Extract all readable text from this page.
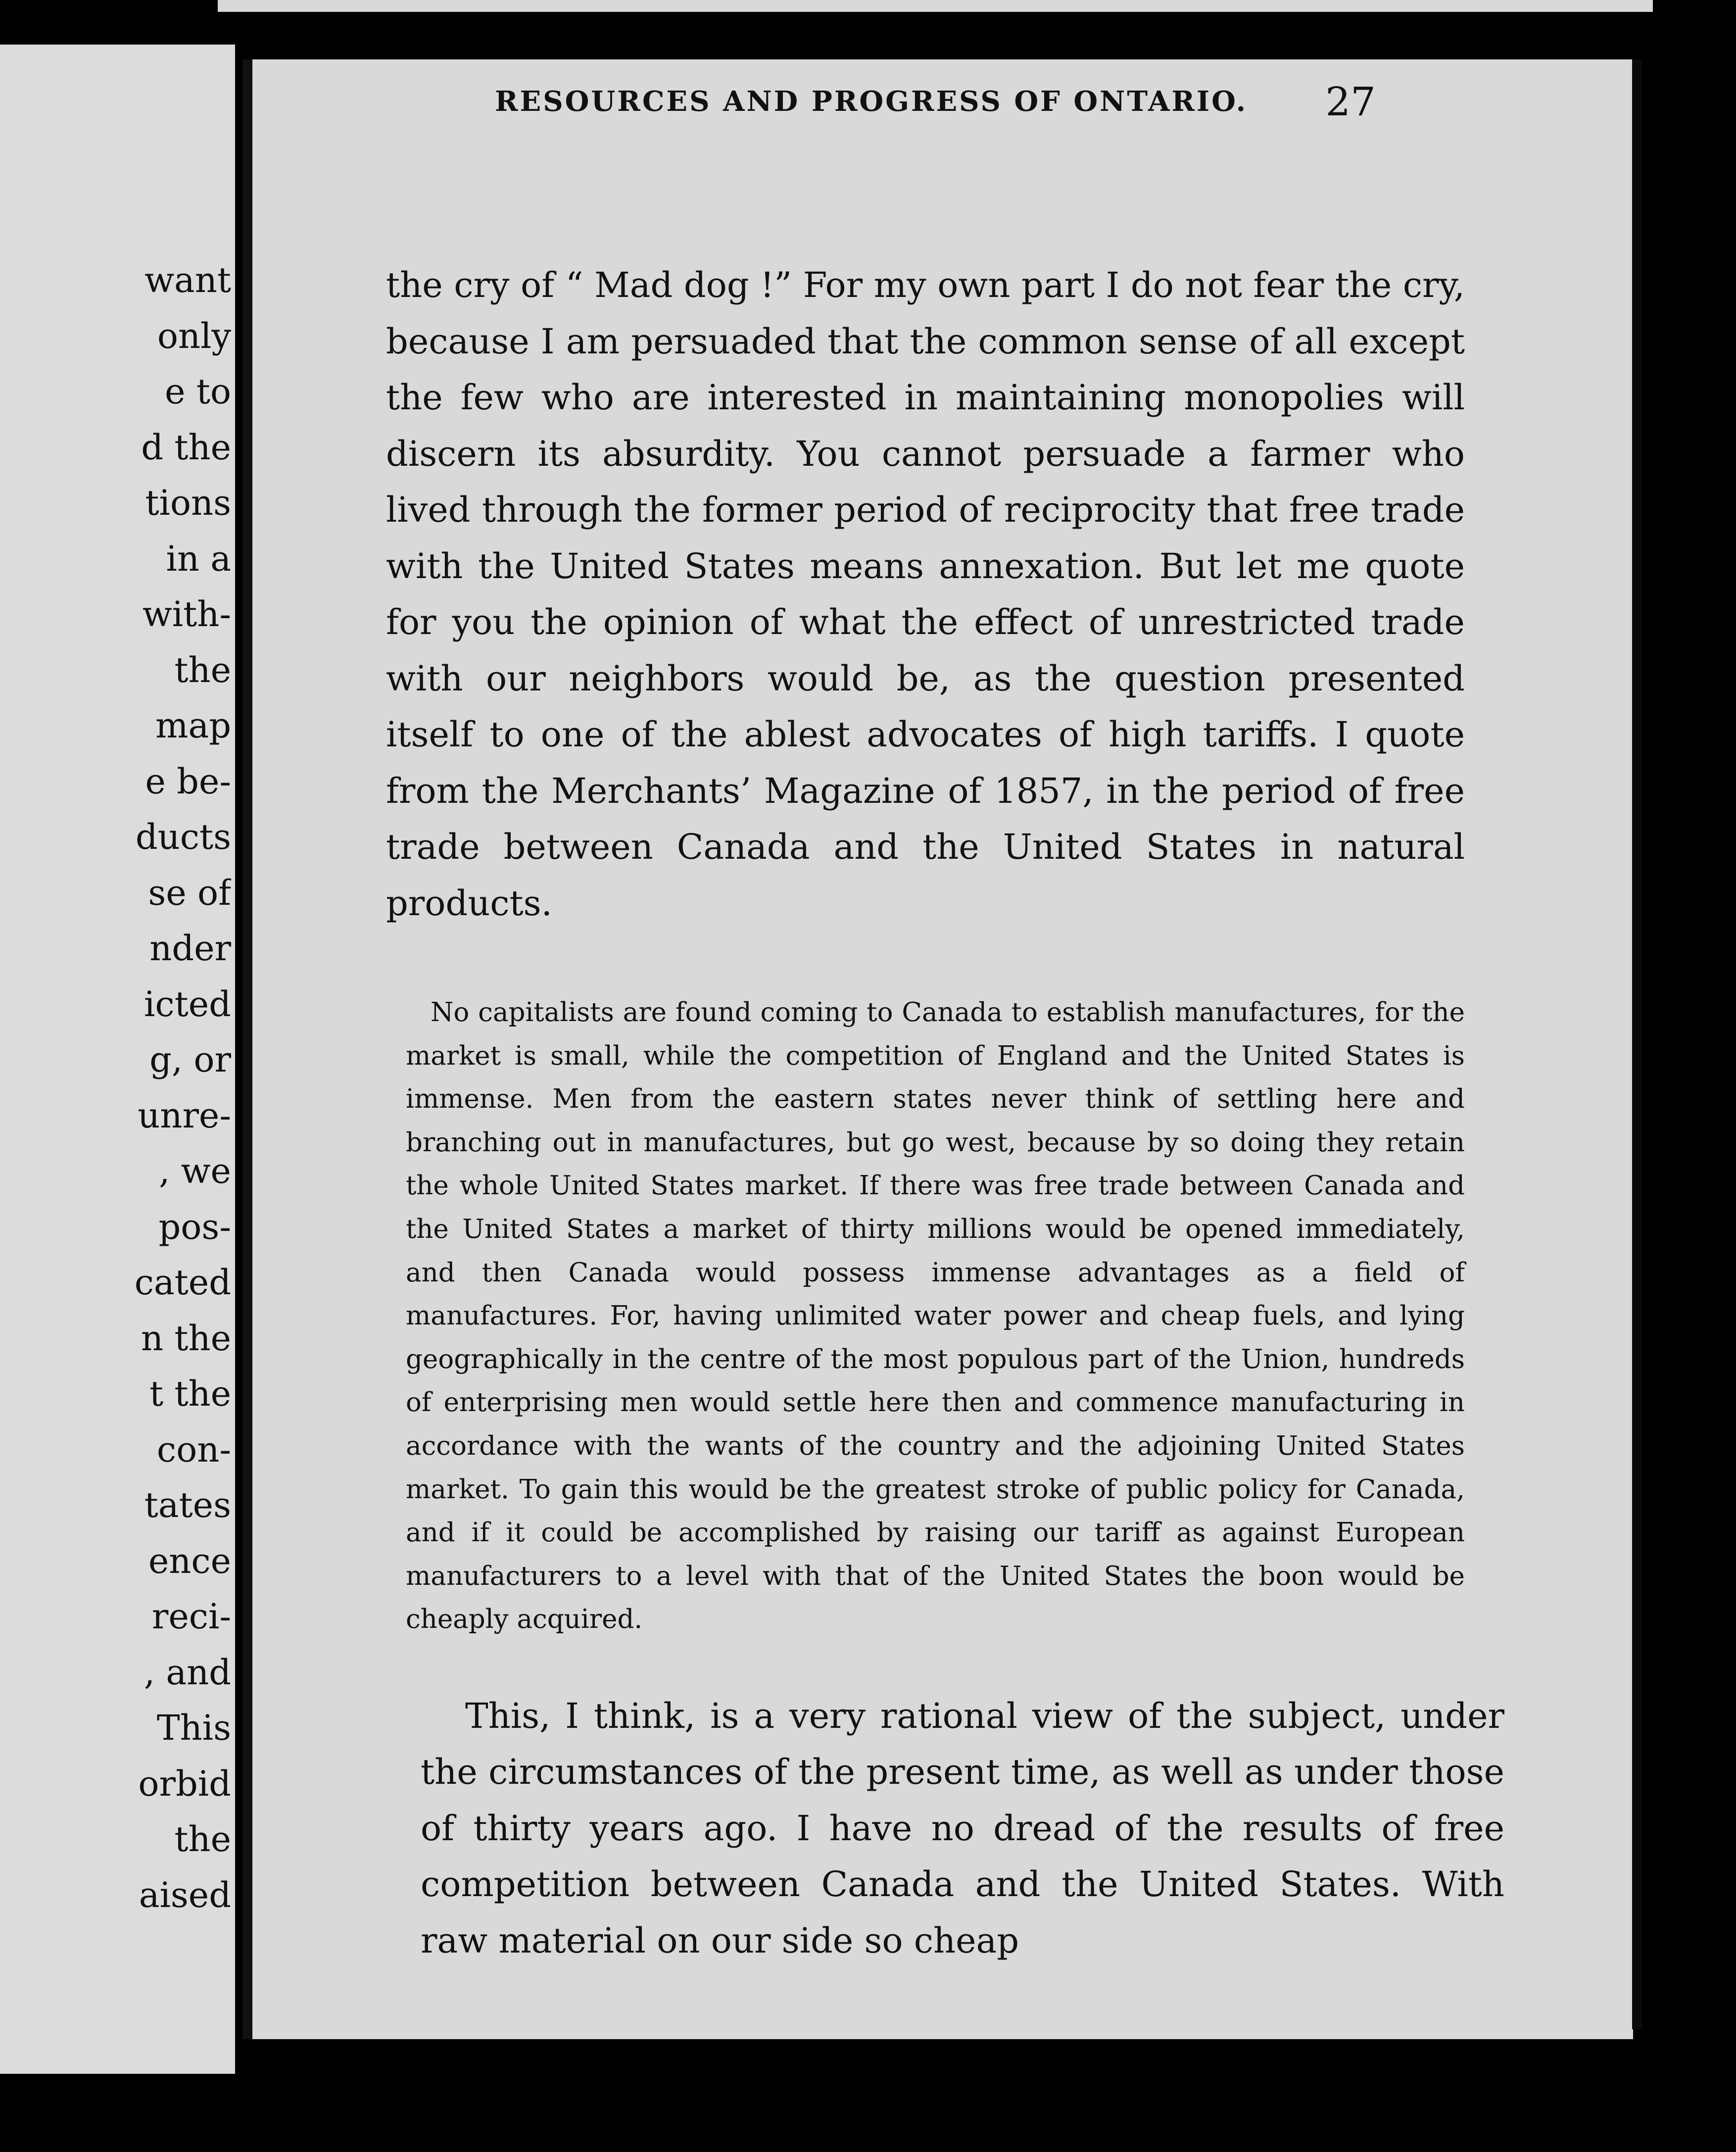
want
only
e to
d the
tions
in a
with-
the
map
e be-
ducts
se of
nder
icted
g, or
unre-
, we
pos-
cated
n the
t the
con-
tates
ence
reci-
, and
This
orbid
the
aised

the cry of “ Mad dog !” For my own part I do not fear the cry, because I am persuaded that the common sense of all except the few who are interested in maintaining monopolies will discern its absurdity. You cannot persuade a farmer who lived through the former period of reciprocity that free trade with the United States means annexation. But let me quote for you the opinion of what the effect of unrestricted trade with our neighbors would be, as the question presented itself to one of the ablest advocates of high tariffs. I quote from the Merchants’ Magazine of 1857, in the period of free trade between Canada and the United States in natural products.

No capitalists are found coming to Canada to establish manufactures, for the market is small, while the competition of England and the United States is immense. Men from the eastern states never think of settling here and branching out in manufactures, but go west, because by so doing they retain the whole United States market. If there was free trade between Canada and the United States a market of thirty millions would be opened immediately, and then Canada would possess immense advantages as a field of manufactures. For, having unlimited water power and cheap fuels, and lying geographically in the centre of the most populous part of the Union, hundreds of enterprising men would settle here then and commence manufacturing in accordance with the wants of the country and the adjoining United States market. To gain this would be the greatest stroke of public policy for Canada, and if it could be accomplished by raising our tariff as against European manufacturers to a level with that of the United States the boon would be cheaply acquired.

This, I think, is a very rational view of the subject, under the circumstances of the present time, as well as under those of thirty years ago. I have no dread of the results of free competition between Canada and the United States. With raw material on our side so cheap

RESOURCES AND PROGRESS OF ONTARIO. 27
